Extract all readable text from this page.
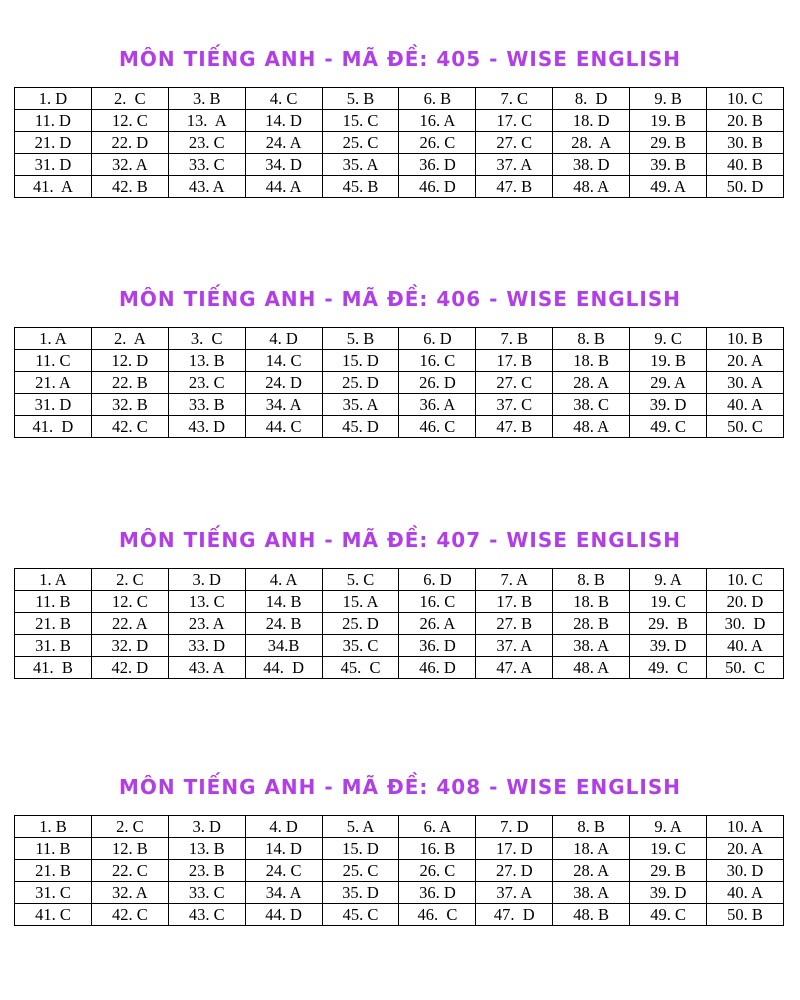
MÔN TIẾNG ANH - MÃ ĐỀ: 405 - WISE ENGLISH
1. D	2.  C	3. B	4. C	5. B	6. B	7. C	8.  D	9. B	10. C
11. D	12. C	13.  A	14. D	15. C	16. A	17. C	18. D	19. B	20. B
21. D	22. D	23. C	24. A	25. C	26. C	27. C	28.  A	29. B	30. B
31. D	32. A	33. C	34. D	35. A	36. D	37. A	38. D	39. B	40. B
41.  A	42. B	43. A	44. A	45. B	46. D	47. B	48. A	49. A	50. D
MÔN TIẾNG ANH - MÃ ĐỀ: 406 - WISE ENGLISH
1. A	2.  A	3.  C	4. D	5. B	6. D	7. B	8. B	9. C	10. B
11. C	12. D	13. B	14. C	15. D	16. C	17. B	18. B	19. B	20. A
21. A	22. B	23. C	24. D	25. D	26. D	27. C	28. A	29. A	30. A
31. D	32. B	33. B	34. A	35. A	36. A	37. C	38. C	39. D	40. A
41.  D	42. C	43. D	44. C	45. D	46. C	47. B	48. A	49. C	50. C
MÔN TIẾNG ANH - MÃ ĐỀ: 407 - WISE ENGLISH
1. A	2. C	3. D	4. A	5. C	6. D	7. A	8. B	9. A	10. C
11. B	12. C	13. C	14. B	15. A	16. C	17. B	18. B	19. C	20. D
21. B	22. A	23. A	24. B	25. D	26. A	27. B	28. B	29.  B	30.  D
31. B	32. D	33. D	34.B	35. C	36. D	37. A	38. A	39. D	40. A
41.  B	42. D	43. A	44.  D	45.  C	46. D	47. A	48. A	49.  C	50.  C
MÔN TIẾNG ANH - MÃ ĐỀ: 408 - WISE ENGLISH
1. B	2. C	3. D	4. D	5. A	6. A	7. D	8. B	9. A	10. A
11. B	12. B	13. B	14. D	15. D	16. B	17. D	18. A	19. C	20. A
21. B	22. C	23. B	24. C	25. C	26. C	27. D	28. A	29. B	30. D
31. C	32. A	33. C	34. A	35. D	36. D	37. A	38. A	39. D	40. A
41. C	42. C	43. C	44. D	45. C	46.  C	47.  D	48. B	49. C	50. B
